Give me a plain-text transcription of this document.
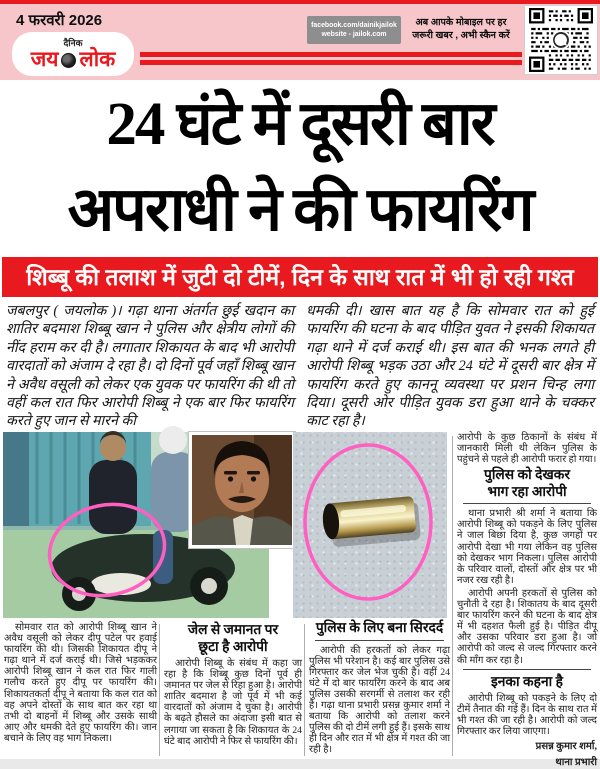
4 फरवरी 2026
दैनिक
जय लोक
facebook.com/dainikjailok
website - jailok.com
अब आपके मोबाइल पर हर
जरूरी खबर , अभी स्कैन करें
24 घंटे में दूसरी बार
अपराधी ने की फायरिंग
शिब्बू की तलाश में जुटी दो टीमें, दिन के साथ रात में भी हो रही गश्त

जबलपुर ( जयलोक )। गढ़ा थाना अंतर्गत छुई खदान का शातिर बदमाश शिब्बू खान ने पुलिस और क्षेत्रीय लोगों की नींद हराम कर दी है। लगातार शिकायत के बाद भी आरोपी वारदातों को अंजाम दे रहा है। दो दिनों पूर्व जहाँ शिब्बू खान ने अवैध वसूली को लेकर एक युवक पर फायरिंग की थी तो वहीं कल रात फिर आरोपी शिब्बू ने एक बार फिर फायरिंग करते हुए जान से मारने की

धमकी दी। खास बात यह है कि सोमवार रात को हुई फायरिंग की घटना के बाद पीड़ित युवत ने इसकी शिकायत गढ़ा थाने में दर्ज कराई थी। इस बात की भनक लगते ही आरोपी शिब्बू भड़क उठा और 24 घंटे में दूसरी बार क्षेत्र में फायरिंग करते हुए काननू व्यवस्था पर प्रशन चिन्ह लगा दिया। दूसरी ओर पीड़ित युवक डरा हुआ थाने के चक्कर काट रहा है।

सोमवार रात को आरोपी शिब्बू खान ने अवैध वसूली को लेकर दीपू पटेल पर हवाई फायरिंग की थी। जिसकी शिकायत दीपू ने गढ़ा थाने में दर्ज कराई थी। जिसे भड़ककर आरोपी शिब्बू खान ने कल रात फिर गाली गलौच करते हुए दीपू पर फायरिंग की। शिकायतकर्ता दीपू ने बताया कि कल रात को वह अपने दोस्तों के साथ बात कर रहा था तभी दो बाहनों में शिब्बू और उसके साथी आए और धमकी देते हुए फायरिंग की। जान बचाने के लिए वह भाग निकला।

जेल से जमानत पर
छूटा है आरोपी

आरोपी शिब्बू के संबंध में कहा जा रहा है कि शिब्बू कुछ दिनों पूर्व ही जमानत पर जेल से रिहा हुआ है। आरोपी शातिर बदमाश है जो पूर्व में भी कई वारदातों को अंजाम दे चुका है। आरोपी के बढ़ते हौसले का अंदाजा इसी बात से लगाया जा सकता है कि शिकायत के 24 घंटे बाद आरोपी ने फिर से फायरिंग की।

पुलिस के लिए बना सिरदर्द

आरोपी की हरकतों को लेकर गढ़ा पुलिस भी परेशान है। कई बार पुलिस उसे गिरफ्तार कर जेल भेज चुकी है। वहीं 24 घंटे में दो बार फायरिंग करने के बाद अब पुलिस उसकी सरगर्मी से तलाश कर रही है। गढ़ा थाना प्रभारी प्रसन्न कुमार शर्मा ने बताया कि आरोपी को तलाश करने पुलिस की दो टीमें लगी हुई हैं। इसके साथ ही दिन और रात में भी क्षेत्र में गश्त की जा रही है।

आरोपी के कुछ ठिकानों के संबंध में जानकारी मिली थी लेकिन पुलिस के पहुंचने से पहले ही आरोपी फरार हो गया।

पुलिस को देखकर
भाग रहा आरोपी

थाना प्रभारी श्री शर्मा ने बताया कि आरोपी शिब्बू को पकड़ने के लिए पुलिस ने जाल बिछा दिया है, कुछ जगहों पर आरोपी देखा भी गया लेकिन वह पुलिस को देखकर भाग निकला। पुलिस आरोपी के परिवार वालों, दोस्तों और क्षेत्र पर भी नजर रख रही है।

आरोपी अपनी हरकतों से पुलिस को चुनौती दे रहा है। शिकातय के बाद दूसरी बार फायरिंग करने की घटना के बाद क्षेत्र में भी दहशत फैली हुई है। पीड़ित दीपू और उसका परिवार डरा हुआ है। जो आरोपी को जल्द से जल्द गिरफ्तार करने की माँग कर रहा है।

इनका कहना है

आरोपी शिब्बू को पकड़ने के लिए दो टीमें तैनात की गई हैं। दिन के साथ रात में भी गश्त की जा रही है। आरोपी को जल्द गिरफ्तार कर लिया जाएगा।

प्रसन्न कुमार शर्मा,
थाना प्रभारी
